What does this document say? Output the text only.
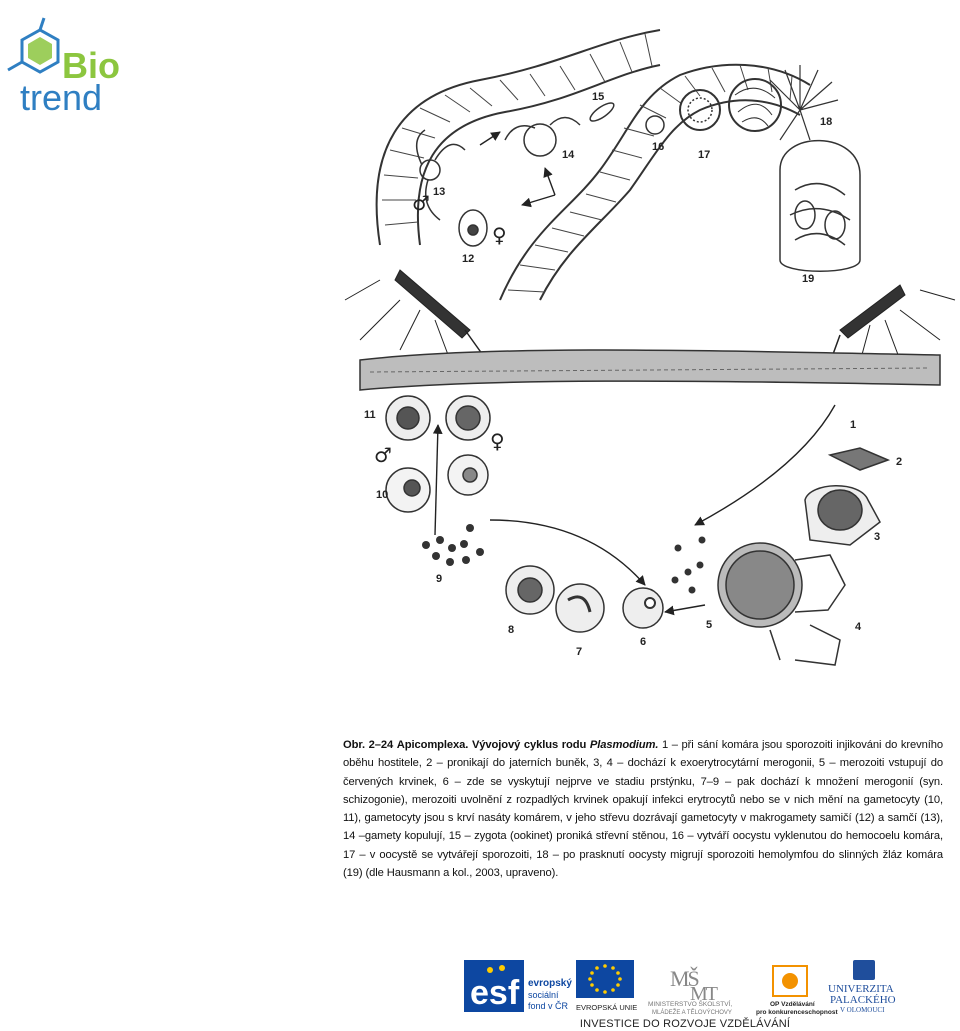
Bio
trend	15
14
16
17
18
19
13
12
1
2
3
4
5
6
7
8
9
10
11
♂
♀
♂
♀
Obr. 2–24 Apicomplexa. Vývojový cyklus rodu Plasmodium. 1 – při sání komára jsou sporozoiti injikováni do krevního oběhu hostitele, 2 – pronikají do jaterních buněk, 3, 4 – dochází k exoerytrocytární merogonii, 5 – merozoiti vstupují do červených krvinek, 6 – zde se vyskytují nejprve ve stadiu prstýnku, 7–9 – pak dochází k množení merogonií (syn. schizogonie), merozoiti uvolnění z rozpadlých krvinek opakují infekci erytrocytů nebo se v nich mění na gametocyty (10, 11), gametocyty jsou s krví nasáty komárem, v jeho střevu dozrávají gametocyty v makrogamety samičí (12) a samčí (13), 14 –gamety kopulují, 15 – zygota (ookinet) proniká střevní stěnou, 16 – vytváří oocystu vyklenutou do hemocoelu komára, 17 – v oocystě se vytvářejí sporozoiti, 18 – po prasknutí oocysty migrují sporozoiti hemolymfou do slinných žláz komára (19) (dle Hausmann a kol., 2003, upraveno).
esf evropský
sociální
fond v ČR EVROPSKÁ UNIE
MŠ
MT
MINISTERSTVO ŠKOLSTVÍ,
MLÁDEŽE A TĚLOVÝCHOVY
OP Vzdělávání
pro konkurenceschopnost
UNIVERZITA
PALACKÉHO
V OLOMOUCI
INVESTICE DO ROZVOJE VZDĚLÁVÁNÍ
